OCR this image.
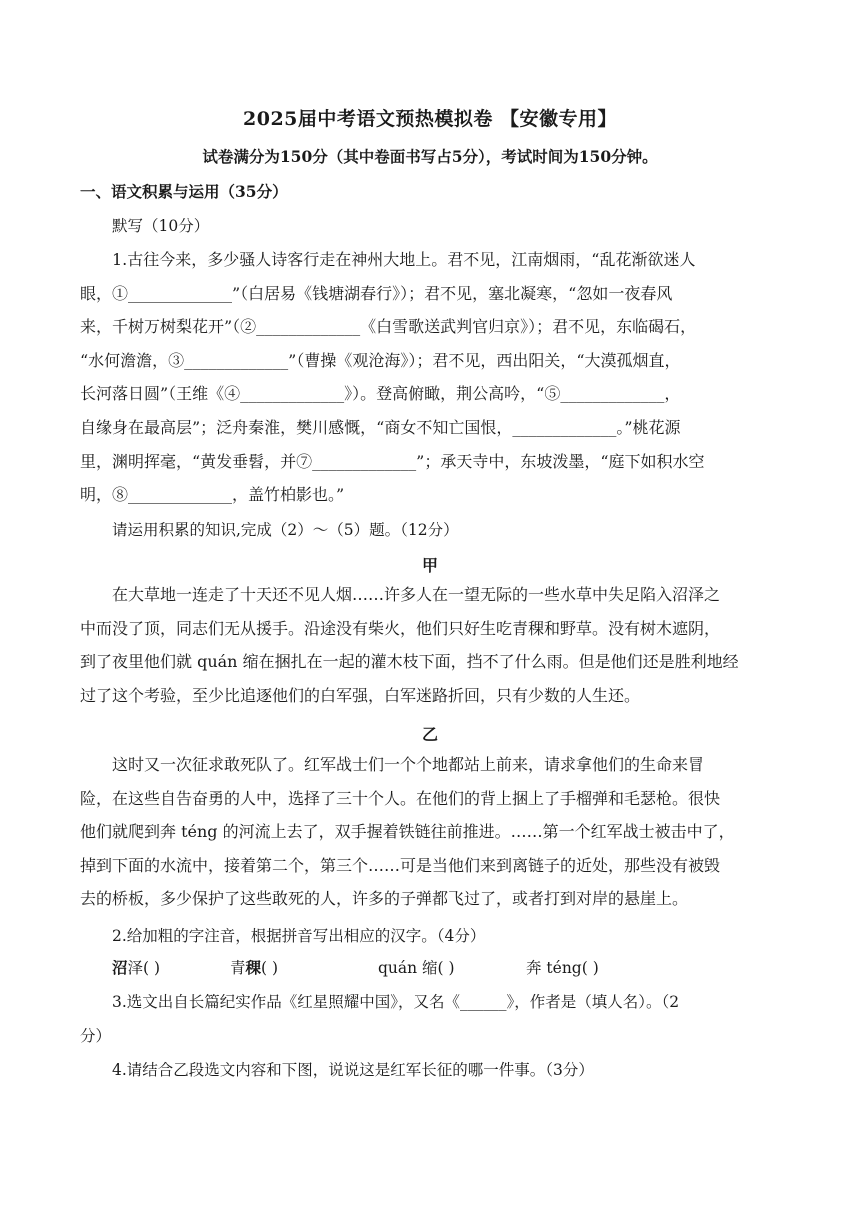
2025届中考语文预热模拟卷 【安徽专用】
试卷满分为150分（其中卷面书写占5分），考试时间为150分钟。
一、语文积累与运用（35分）
默写（10分）
1.古往今来，多少骚人诗客行走在神州大地上。君不见，江南烟雨，“乱花渐欲迷人
眼，①_____________”（白居易《钱塘湖春行》）；君不见，塞北凝寒，“忽如一夜春风
来，千树万树梨花开”（②_____________《白雪歌送武判官归京》）；君不见，东临碣石，
“水何澹澹，③_____________”（曹操《观沧海》）；君不见，西出阳关，“大漠孤烟直，
长河落日圆”（王维《④_____________》）。登高俯瞰，荆公高吟，“⑤_____________，
自缘身在最高层”；泛舟秦淮，樊川感慨，“商女不知亡国恨，_____________。”桃花源
里，渊明挥毫，“黄发垂髫，并⑦_____________”；承天寺中，东坡泼墨，“庭下如积水空
明，⑧_____________，盖竹柏影也。”
请运用积累的知识,完成（2）～（5）题。（12分）
甲
在大草地一连走了十天还不见人烟……许多人在一望无际的一些水草中失足陷入沼泽之
中而没了顶，同志们无从援手。沿途没有柴火，他们只好生吃青稞和野草。没有树木遮阴，
到了夜里他们就 quán 缩在捆扎在一起的灌木枝下面，挡不了什么雨。但是他们还是胜利地经
过了这个考验，至少比追逐他们的白军强，白军迷路折回，只有少数的人生还。
乙
这时又一次征求敢死队了。红军战士们一个个地都站上前来，请求拿他们的生命来冒
险，在这些自告奋勇的人中，选择了三十个人。在他们的背上捆上了手榴弹和毛瑟枪。很快
他们就爬到奔 téng 的河流上去了，双手握着铁链往前推进。……第一个红军战士被击中了，
掉到下面的水流中，接着第二个，第三个……可是当他们来到离链子的近处，那些没有被毁
去的桥板，多少保护了这些敢死的人，许多的子弹都飞过了，或者打到对岸的悬崖上。
2.给加粗的字注音，根据拼音写出相应的汉字。（4分）
沼泽( )	青稞( )	quán 缩( )	奔 téng( )
3.选文出自长篇纪实作品《红星照耀中国》，又名《______》，作者是（填人名）。（2
分）
4.请结合乙段选文内容和下图，说说这是红军长征的哪一件事。（3分）
